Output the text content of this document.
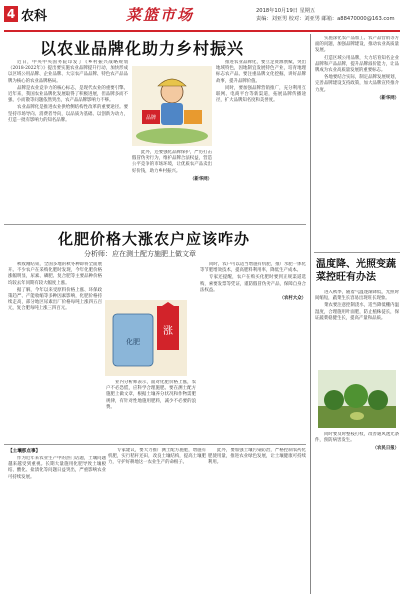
4 农科	菜篮市场	2018年10月19日 星期五
责编：刘亚男 校对：刘亚男 邮箱：a88470000@163.com
以农业品牌化助力乡村振兴

近日，中央中央国务院印发了《乡村振兴战略规划（2018-2022年）》提出要实施农业品牌提升行动，加快形成以区域公用品牌、企业品牌、大宗农产品品牌、特色农产品品牌为核心的农业品牌格局。

品牌是农业竞争力的核心标志，是现代农业的重要引擎。近年来，我国农业品牌化发展取得了积极进展，但品牌多而不强、小而散等问题依然突出，农产品品牌影响力不够。

农业品牌化是推进农业供给侧结构性改革的重要途径。要坚持市场导向、消费者导向，以品质为基础、以创新为动力，打造一批有影响力的知名品牌。	品牌

推进农业品牌化，要立足资源禀赋，突出地域特色，因地制宜发展特色产业，培育地理标志农产品。要注重品牌文化挖掘，讲好品牌故事，提升品牌价值。

同时，要加强品牌营销推广，充分利用互联网、电商平台等新渠道，拓展品牌传播途径，扩大品牌知名度和美誉度。

此外，还要强化品牌保护，严厉打击假冒伪劣行为，维护品牌合法权益，营造公平竞争的市场环境，让优质农产品卖出好价钱，助力乡村振兴。

（新华网）
化肥价格大涨农户应该咋办
分析师：应在测土配方施肥上做文章

秋收刚结束，全国多地的秋冬种即将全面展开。不少农户在采购化肥时发现，今年化肥价格涨幅明显，尿素、磷肥、复合肥等主要品种价格均较去年同期有较大幅度上涨。

据了解，今年以来受原料价格上涨、环保政策趋严、产能收缩等多种因素影响，化肥价格持续走高，部分地区尿素出厂价格每吨上涨四五百元，复合肥每吨上涨三四百元。

涨
化肥

业内分析师表示，面对化肥价格上涨，农户不必恐慌，应科学合理施肥。要在测土配方施肥上做文章，根据土壤养分状况和作物需肥规律，有针对性地施用肥料，减少不必要的浪费。

同时，农户可以适当增施有机肥，推广水肥一体化等节肥增效技术，提高肥料利用率，降低生产成本。

专家还提醒，农户在购买化肥时要到正规渠道选购，索要发票等凭证，谨防假冒伪劣产品，保障自身合法权益。

（农村大众）
【土壤那点事】

作为近年来农业生产中的热门话题，土壤问题越来越受到重视。长期大量施用化肥导致土壤板结、酸化、盐渍化等问题日益突出，严重影响农业可持续发展。

专家建议，要大力推广测土配方施肥，增施有机肥，实行秸秆还田，改良土壤结构，提高土壤肥力，守护好耕地这一农业生产的命根子。

此外，要加强土壤污染防治，严格控制农药化肥使用量，推进农业绿色发展，让土壤健康可持续利用。

实施深化农产品加工、农产品营销等方面的问题，加强品牌建设，推动农业高质量发展。

打造区域公用品牌，大力培育知名企业品牌和产品品牌，提升品牌溢价能力，让品牌成为农业高质量发展的重要标志。

各地要结合实际，制定品牌发展规划，完善品牌建设支持政策，加大品牌宣传推介力度。

（新华网）
温度降、光照变蔬菜控旺有办法

进入秋季，随着气温逐渐降低，光照时间缩短，蔬菜生长容易出现旺长现象。

菜农要注意控制浇水，适当降低棚内温湿度，合理施用叶面肥，防止植株徒长，保证蔬菜稳健生长，提高产量和品质。

同时要及时整枝打杈，改善通风透光条件，预防病害发生。

（农民日报）
